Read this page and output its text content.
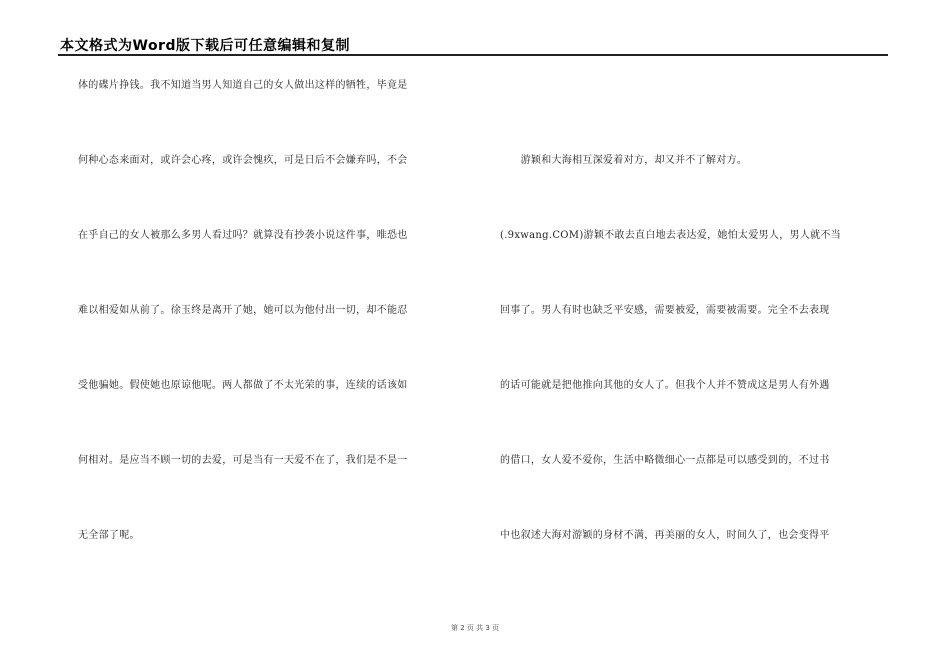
本文格式为Word版下载后可任意编辑和复制
体的碟片挣钱。我不知道当男人知道自己的女人做出这样的牺牲，毕竟是
何种心态来面对，或许会心疼，或许会愧疚，可是日后不会嫌弃吗，不会
在乎自己的女人被那么多男人看过吗？就算没有抄袭小说这件事，唯恐也
难以相爱如从前了。徐玉终是离开了她，她可以为他付出一切，却不能忍
受他骗她。假使她也原谅他呢。两人都做了不太光荣的事，连续的话该如
何相对。是应当不顾一切的去爱，可是当有一天爱不在了，我们是不是一
无全部了呢。
　　游颖和大海相互深爱着对方，却又并不了解对方。
(.9xwang.COM)游颖不敢去直白地去表达爱，她怕太爱男人，男人就不当
回事了。男人有时也缺乏平安感，需要被爱，需要被需要。完全不去表现
的话可能就是把他推向其他的女人了。但我个人并不赞成这是男人有外遇
的借口，女人爱不爱你，生活中略微细心一点都是可以感受到的，不过书
中也叙述大海对游颖的身材不满，再美丽的女人，时间久了，也会变得平
第 2 页 共 3 页
